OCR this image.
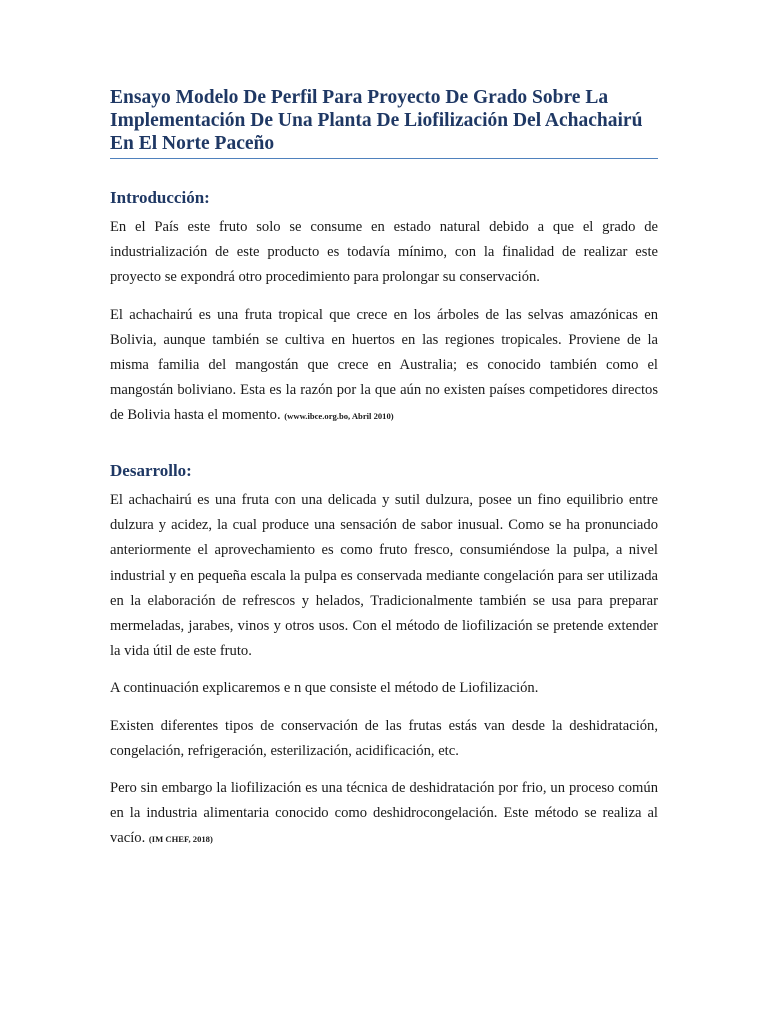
Ensayo Modelo De Perfil Para Proyecto De Grado Sobre La Implementación De Una Planta De Liofilización Del Achachairú En El Norte Paceño
Introducción:

En el País este fruto solo se consume en estado natural debido a que el grado de industrialización de este producto es todavía mínimo, con la finalidad de realizar este proyecto se expondrá otro procedimiento para prolongar su conservación.

El achachairú es una fruta tropical que crece en los árboles de las selvas amazónicas en Bolivia, aunque también se cultiva en huertos en las regiones tropicales. Proviene de la misma familia del mangostán que crece en Australia; es conocido también como el mangostán boliviano. Esta es la razón por la que aún no existen países competidores directos de Bolivia hasta el momento. (www.ibce.org.bo, Abril 2010)

Desarrollo:

El achachairú es una fruta con una delicada y sutil dulzura, posee un fino equilibrio entre dulzura y acidez, la cual produce una sensación de sabor inusual. Como se ha pronunciado anteriormente el aprovechamiento es como fruto fresco, consumiéndose la pulpa, a nivel industrial y en pequeña escala la pulpa es conservada mediante congelación para ser utilizada en la elaboración de refrescos y helados, Tradicionalmente también se usa para preparar mermeladas, jarabes, vinos y otros usos. Con el método de liofilización se pretende extender la vida útil de este fruto.

A continuación explicaremos e n que consiste el método de Liofilización.

Existen diferentes tipos de conservación de las frutas estás van desde la deshidratación, congelación, refrigeración, esterilización, acidificación, etc.

Pero sin embargo la liofilización es una técnica de deshidratación por frio, un proceso común en la industria alimentaria conocido como deshidrocongelación. Este método se realiza al vacío. (IM CHEF, 2018)
